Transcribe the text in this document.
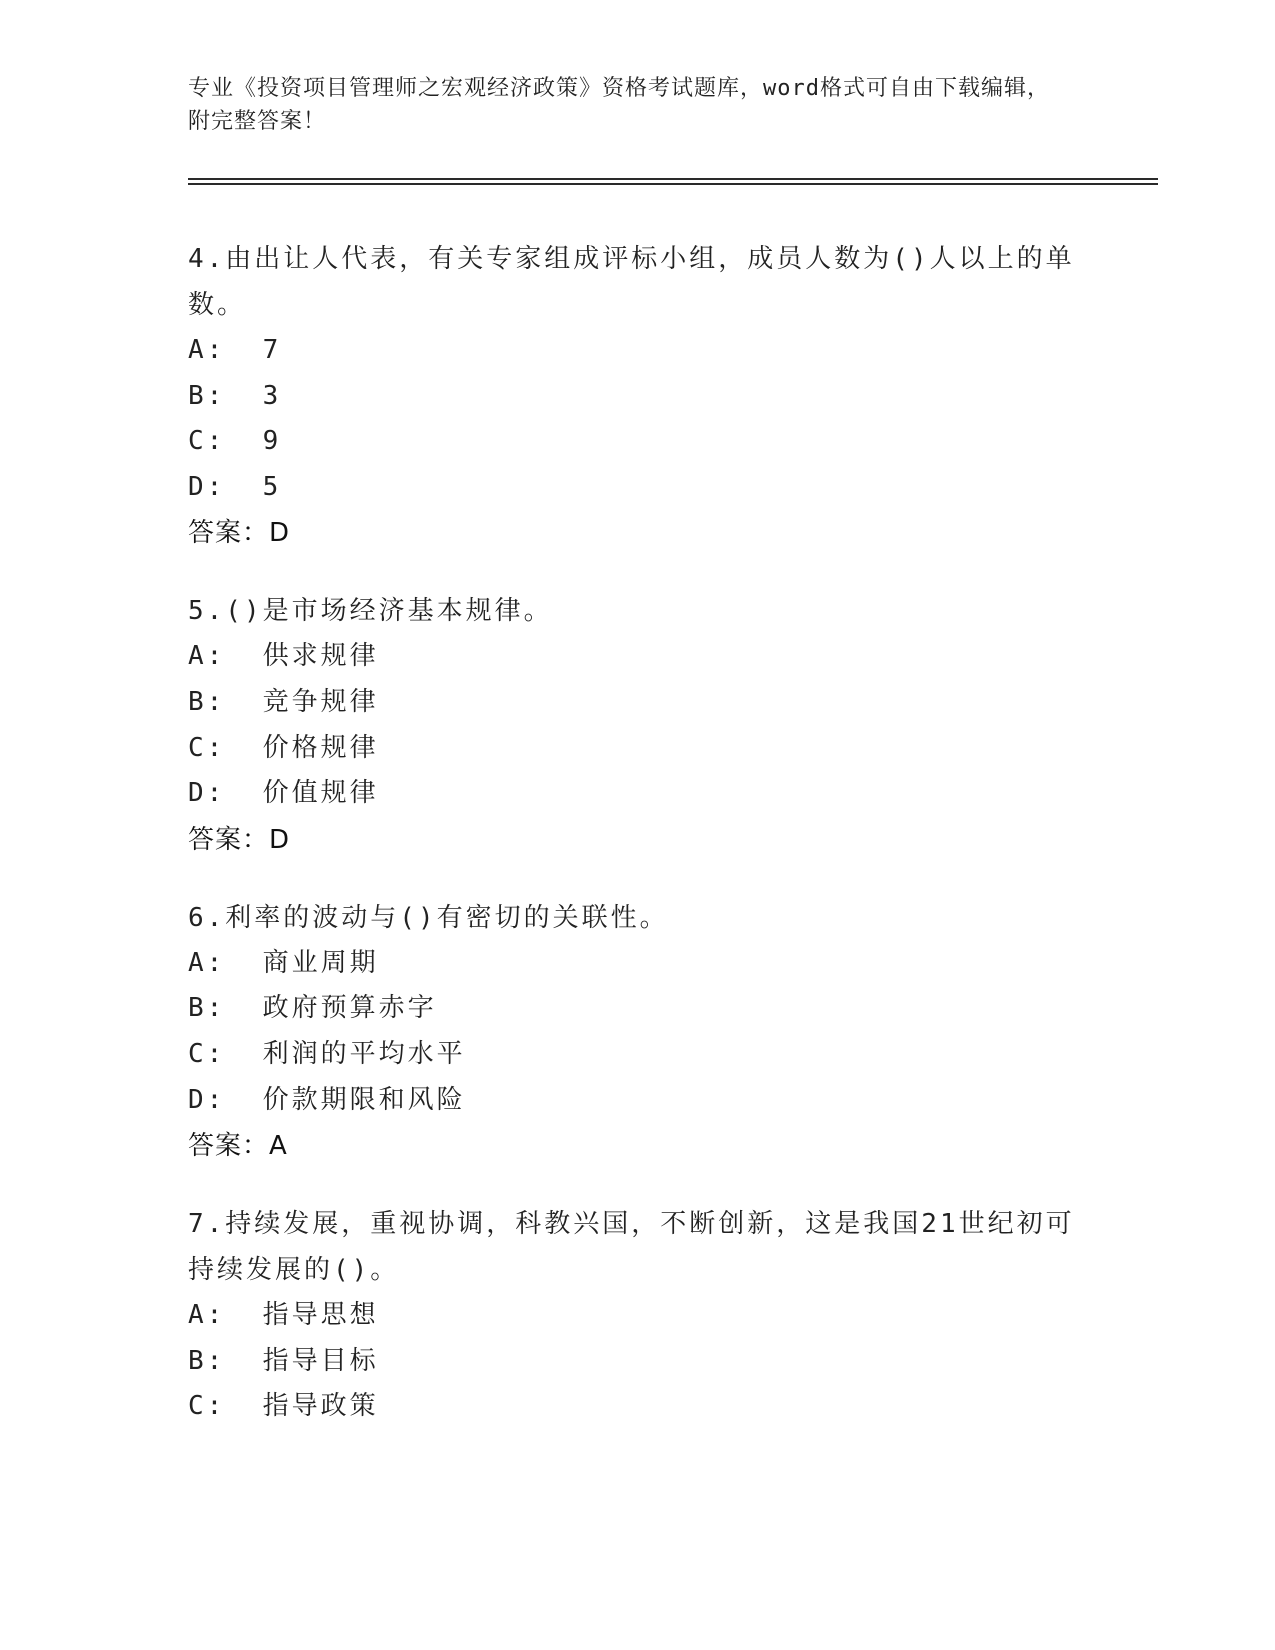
专业《投资项目管理师之宏观经济政策》资格考试题库，word格式可自由下载编辑，附完整答案！
4.由出让人代表，有关专家组成评标小组，成员人数为()人以上的单数。
A:  7
B:  3
C:  9
D:  5
答案：D
5.()是市场经济基本规律。
A:  供求规律
B:  竞争规律
C:  价格规律
D:  价值规律
答案：D
6.利率的波动与()有密切的关联性。
A:  商业周期
B:  政府预算赤字
C:  利润的平均水平
D:  价款期限和风险
答案：A
7.持续发展，重视协调，科教兴国，不断创新，这是我国21世纪初可持续发展的()。
A:  指导思想
B:  指导目标
C:  指导政策
